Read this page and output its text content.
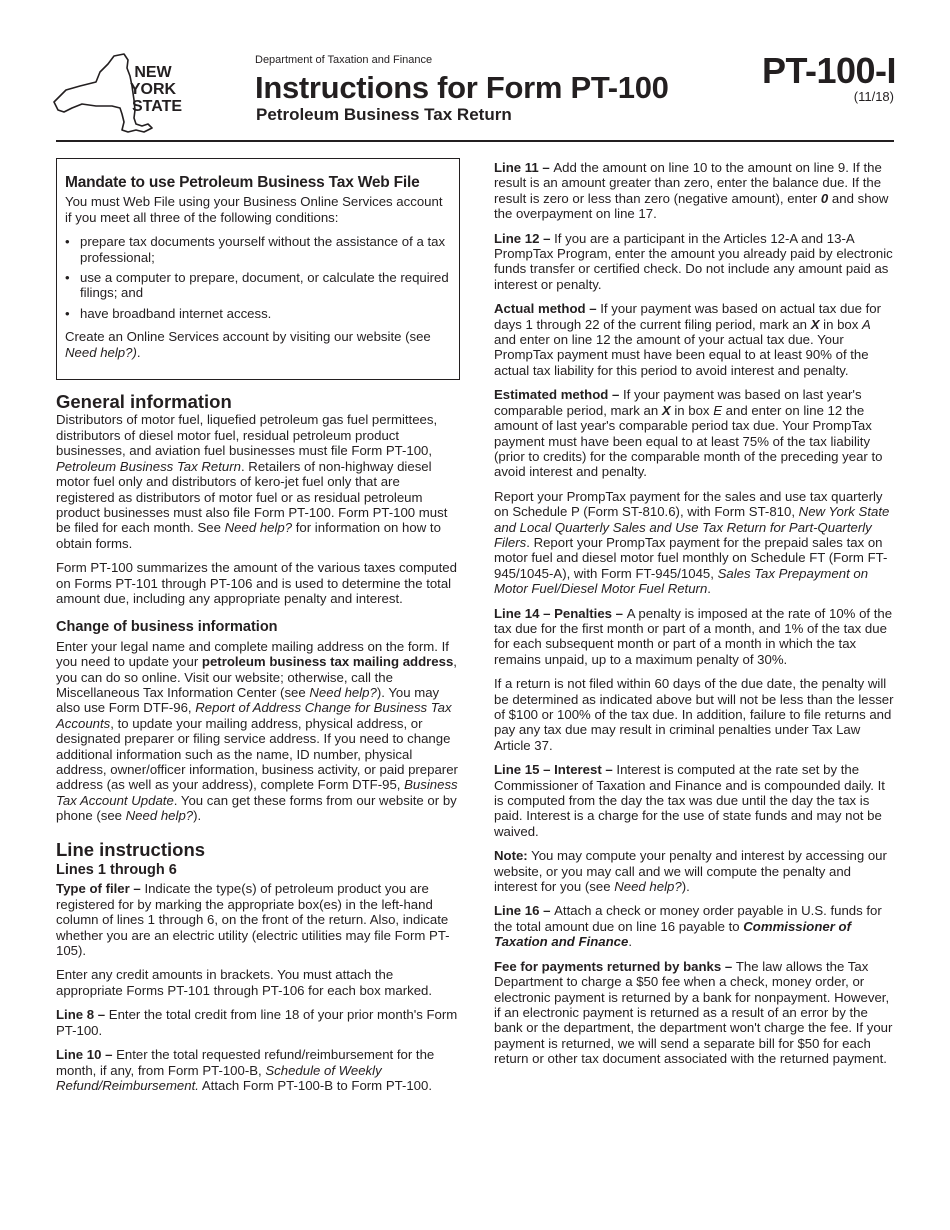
NEW
YORK
STATE
Department of Taxation and Finance
Instructions for Form PT-100
Petroleum Business Tax Return
PT-100-I
(11/18)
Mandate to use Petroleum Business Tax Web File

You must Web File using your Business Online Services account if you meet all three of the following conditions:

• prepare tax documents yourself without the assistance of a tax professional;
• use a computer to prepare, document, or calculate the required filings; and
• have broadband internet access.

Create an Online Services account by visiting our website (see Need help?).

General information

Distributors of motor fuel, liquefied petroleum gas fuel permittees, distributors of diesel motor fuel, residual petroleum product businesses, and aviation fuel businesses must file Form PT-100, Petroleum Business Tax Return. Retailers of non-highway diesel motor fuel only and distributors of kero-jet fuel only that are registered as distributors of motor fuel or as residual petroleum product businesses must also file Form PT-100. Form PT-100 must be filed for each month. See Need help? for information on how to obtain forms.

Form PT-100 summarizes the amount of the various taxes computed on Forms PT-101 through PT-106 and is used to determine the total amount due, including any appropriate penalty and interest.

Change of business information

Enter your legal name and complete mailing address on the form. If you need to update your petroleum business tax mailing address, you can do so online. Visit our website; otherwise, call the Miscellaneous Tax Information Center (see Need help?). You may also use Form DTF-96, Report of Address Change for Business Tax Accounts, to update your mailing address, physical address, or designated preparer or filing service address. If you need to change additional information such as the name, ID number, physical address, owner/officer information, business activity, or paid preparer address (as well as your address), complete Form DTF-95, Business Tax Account Update. You can get these forms from our website or by phone (see Need help?).

Line instructions
Lines 1 through 6

Type of filer – Indicate the type(s) of petroleum product you are registered for by marking the appropriate box(es) in the left-hand column of lines 1 through 6, on the front of the return. Also, indicate whether you are an electric utility (electric utilities may file Form PT-105).

Enter any credit amounts in brackets. You must attach the appropriate Forms PT-101 through PT-106 for each box marked.

Line 8 – Enter the total credit from line 18 of your prior month's Form PT-100.

Line 10 – Enter the total requested refund/reimbursement for the month, if any, from Form PT-100-B, Schedule of Weekly Refund/Reimbursement. Attach Form PT-100-B to Form PT-100.

Line 11 – Add the amount on line 10 to the amount on line 9. If the result is an amount greater than zero, enter the balance due. If the result is zero or less than zero (negative amount), enter 0 and show the overpayment on line 17.

Line 12 – If you are a participant in the Articles 12-A and 13-A PrompTax Program, enter the amount you already paid by electronic funds transfer or certified check. Do not include any amount paid as interest or penalty.

Actual method – If your payment was based on actual tax due for days 1 through 22 of the current filing period, mark an X in box A and enter on line 12 the amount of your actual tax due. Your PrompTax payment must have been equal to at least 90% of the actual tax liability for this period to avoid interest and penalty.

Estimated method – If your payment was based on last year's comparable period, mark an X in box E and enter on line 12 the amount of last year's comparable period tax due. Your PrompTax payment must have been equal to at least 75% of the tax liability (prior to credits) for the comparable month of the preceding year to avoid interest and penalty.

Report your PrompTax payment for the sales and use tax quarterly on Schedule P (Form ST-810.6), with Form ST-810, New York State and Local Quarterly Sales and Use Tax Return for Part-Quarterly Filers. Report your PrompTax payment for the prepaid sales tax on motor fuel and diesel motor fuel monthly on Schedule FT (Form FT-945/1045-A), with Form FT-945/1045, Sales Tax Prepayment on Motor Fuel/Diesel Motor Fuel Return.

Line 14 – Penalties – A penalty is imposed at the rate of 10% of the tax due for the first month or part of a month, and 1% of the tax due for each subsequent month or part of a month in which the tax remains unpaid, up to a maximum penalty of 30%.

If a return is not filed within 60 days of the due date, the penalty will be determined as indicated above but will not be less than the lesser of $100 or 100% of the tax due. In addition, failure to file returns and pay any tax due may result in criminal penalties under Tax Law Article 37.

Line 15 – Interest – Interest is computed at the rate set by the Commissioner of Taxation and Finance and is compounded daily. It is computed from the day the tax was due until the day the tax is paid. Interest is a charge for the use of state funds and may not be waived.

Note: You may compute your penalty and interest by accessing our website, or you may call and we will compute the penalty and interest for you (see Need help?).

Line 16 – Attach a check or money order payable in U.S. funds for the total amount due on line 16 payable to Commissioner of Taxation and Finance.

Fee for payments returned by banks – The law allows the Tax Department to charge a $50 fee when a check, money order, or electronic payment is returned by a bank for nonpayment. However, if an electronic payment is returned as a result of an error by the bank or the department, the department won't charge the fee. If your payment is returned, we will send a separate bill for $50 for each return or other tax document associated with the returned payment.
